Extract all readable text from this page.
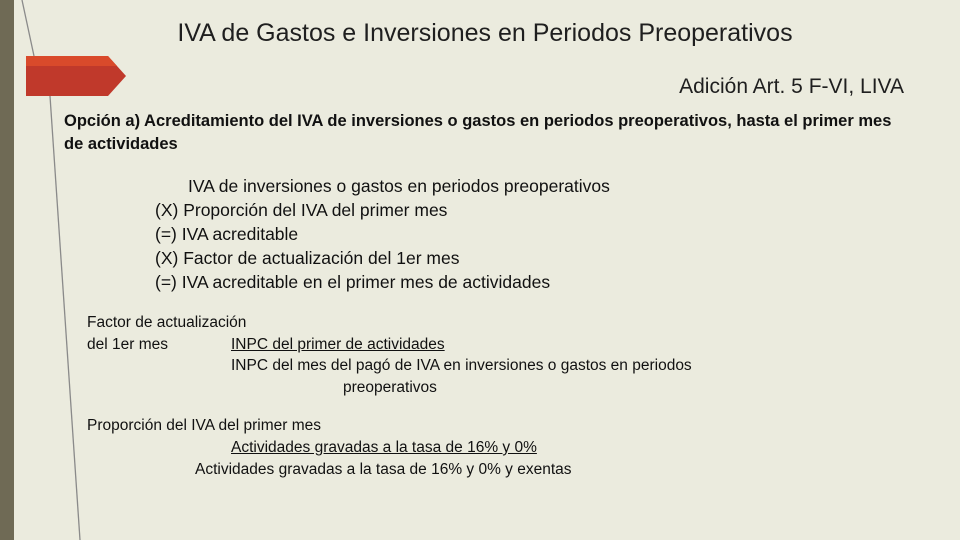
IVA de Gastos e Inversiones en Periodos Preoperativos
Adición Art. 5 F-VI, LIVA
Opción a) Acreditamiento del IVA de inversiones o gastos en periodos preoperativos, hasta el primer mes de actividades
IVA de inversiones o gastos en periodos preoperativos
(X) Proporción del IVA del primer mes
(=) IVA acreditable
(X) Factor de actualización del 1er mes
(=) IVA acreditable en el primer mes de actividades
Factor de actualización
del 1er mes	INPC del primer de actividades
INPC del mes del pagó de IVA en inversiones o gastos en periodos
preoperativos
Proporción del IVA del primer mes
Actividades gravadas a la tasa de 16% y 0%
Actividades gravadas a la tasa de 16% y 0% y exentas
